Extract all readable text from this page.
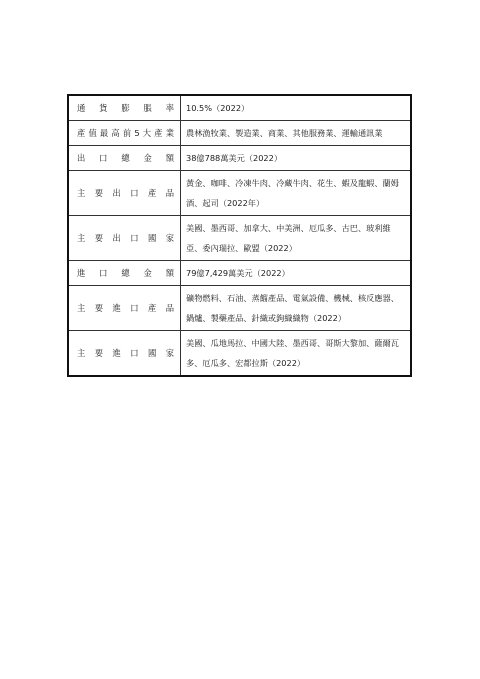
通　貨　膨　脹　率	10.5%（2022）
產值最高前5大產業	農林漁牧業、製造業、商業、其他服務業、運輸通訊業
出　口　總　金　額	38億788萬美元（2022）
主　要　出　口　產　品	黃金、咖啡、冷凍牛肉、冷藏牛肉、花生、蝦及龍蝦、蘭姆酒、起司（2022年）
主　要　出　口　國　家	美國、墨西哥、加拿大、中美洲、厄瓜多、古巴、玻利維亞、委內瑞拉、歐盟（2022）
進　口　總　金　額	79億7,429萬美元（2022）
主　要　進　口　產　品	礦物燃料、石油、蒸餾產品、電氣設備、機械、核反應器、鍋爐、製藥產品、針織或鉤織織物（2022）
主　要　進　口　國　家	美國、瓜地馬拉、中國大陸、墨西哥、哥斯大黎加、薩爾瓦多、厄瓜多、宏都拉斯（2022）
